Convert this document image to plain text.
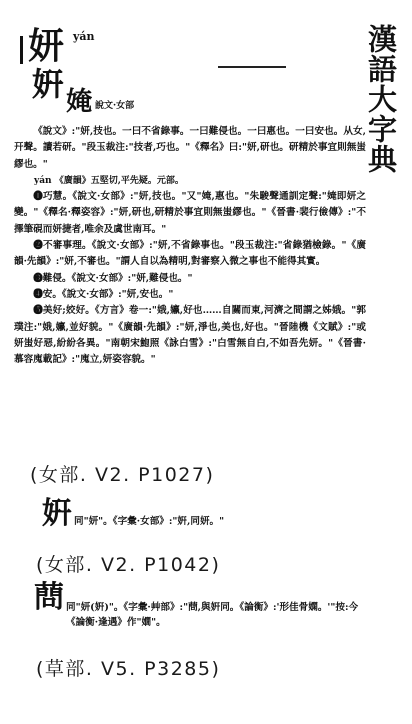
漢語大字典
妍 yán
姸 㛪 說文·女部

《說文》:"妍,技也。一曰不省錄事。一曰難侵也。一曰惠也。一曰安也。从女,幵聲。讀若研。"段玉裁注:"技者,巧也。"《釋名》曰:"妍,研也。研精於事宜則無蚩繆也。"

yán 《廣韻》五堅切,平先疑。元部。

❶巧慧。《說文·女部》:"妍,技也。"又"㛪,惠也。"朱駿聲通訓定聲:"㛪即妍之變。"《釋名·釋姿容》:"妍,研也,研精於事宜則無蚩繆也。"《晉書·裴行儉傳》:"不擇筆硯而妍捷者,唯余及虞世南耳。"

❷不審事理。《說文·女部》:"妍,不省錄事也。"段玉裁注:"省錄猶檢錄。"《廣韻·先韻》:"妍,不審也。"謂人自以為精明,對審察入微之事也不能得其實。

❸難侵。《說文·女部》:"妍,難侵也。"

❹安。《說文·女部》:"妍,安也。"

❺美好;姣好。《方言》卷一:"娥,㜲,好也……自關而東,河濟之間謂之姊娥。"郭璞注:"娥,㜲,並好貌。"《廣韻·先韻》:"妍,淨也,美也,好也。"晉陸機《文賦》:"或妍蚩好惡,紛紛各異。"南朝宋鮑照《詠白雪》:"白雪無自白,不如吾先妍。"《晉書·慕容廆載記》:"廆立,妍姿容貌。"

(女部. V2. P1027)
姸 同"妍"。《字彙·女部》:"姸,同妍。"
(女部. V2. P1042)
蔄 同"妍(姸)"。《字彙·艸部》:"蔄,與姸同。《論衡》:'形佳骨嫻。'"按:今《論衡·逢遇》作"嫺"。
(草部. V5. P3285)
